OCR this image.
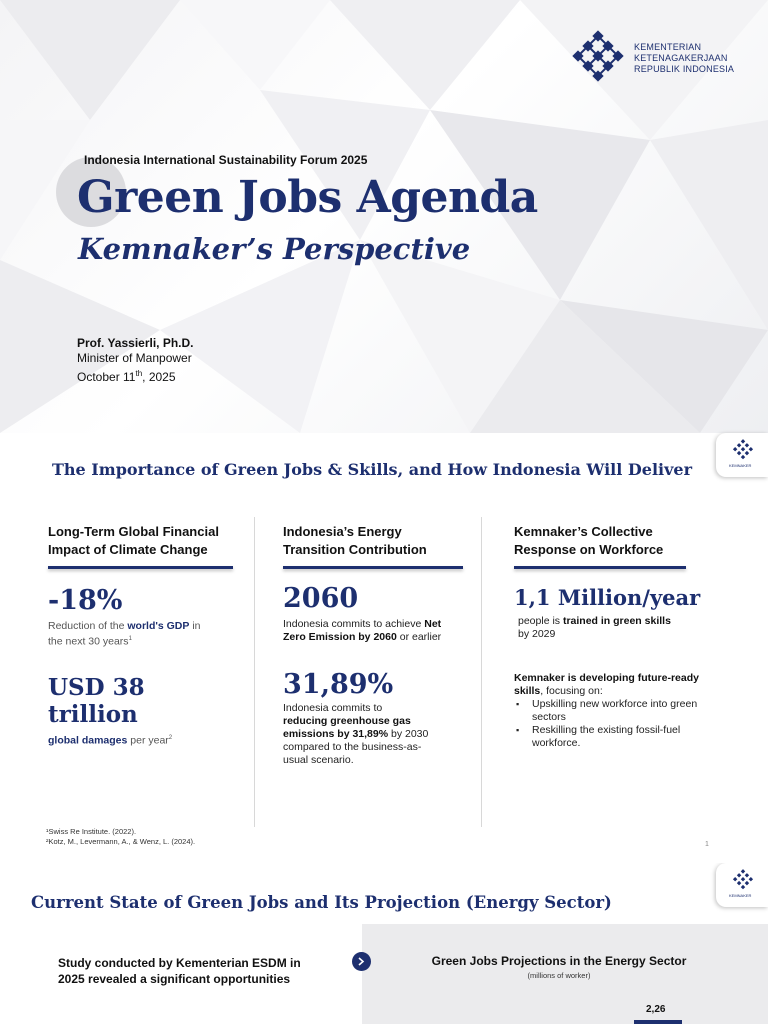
KEMENTERIAN
KETENAGAKERJAAN
REPUBLIK INDONESIA
Indonesia International Sustainability Forum 2025
Green Jobs Agenda
Kemnaker’s Perspective
Prof. Yassierli, Ph.D.
Minister of Manpower
October 11th, 2025
KEMNAKER
The Importance of Green Jobs & Skills, and How Indonesia Will Deliver
Long-Term Global Financial
Impact of Climate Change
-18%
Reduction of the world's GDP in
the next 30 years$^1$
USD 38 trillion
global damages per year$^2$
Indonesia’s Energy
Transition Contribution
2060
Indonesia commits to achieve Net
Zero Emission by 2060 or earlier
31,89%
Indonesia commits to
reducing greenhouse gas
emissions by 31,89% by 2030
compared to the business-as-
usual scenario.
Kemnaker’s Collective
Response on Workforce
1,1 Million/year
people is trained in green skills
by 2029
Kemnaker is developing future-ready
skills, focusing on:
▪ Upskilling new workforce into green
sectors
▪ Reskilling the existing fossil-fuel
workforce.
¹Swiss Re Institute. (2022).
²Kotz, M., Levermann, A., & Wenz, L. (2024).	1
KEMNAKER
Current State of Green Jobs and Its Projection (Energy Sector)
Study conducted by Kementerian ESDM in
2025 revealed a significant opportunities
Green Jobs Projections in the Energy Sector
(millions of worker)
2,26
